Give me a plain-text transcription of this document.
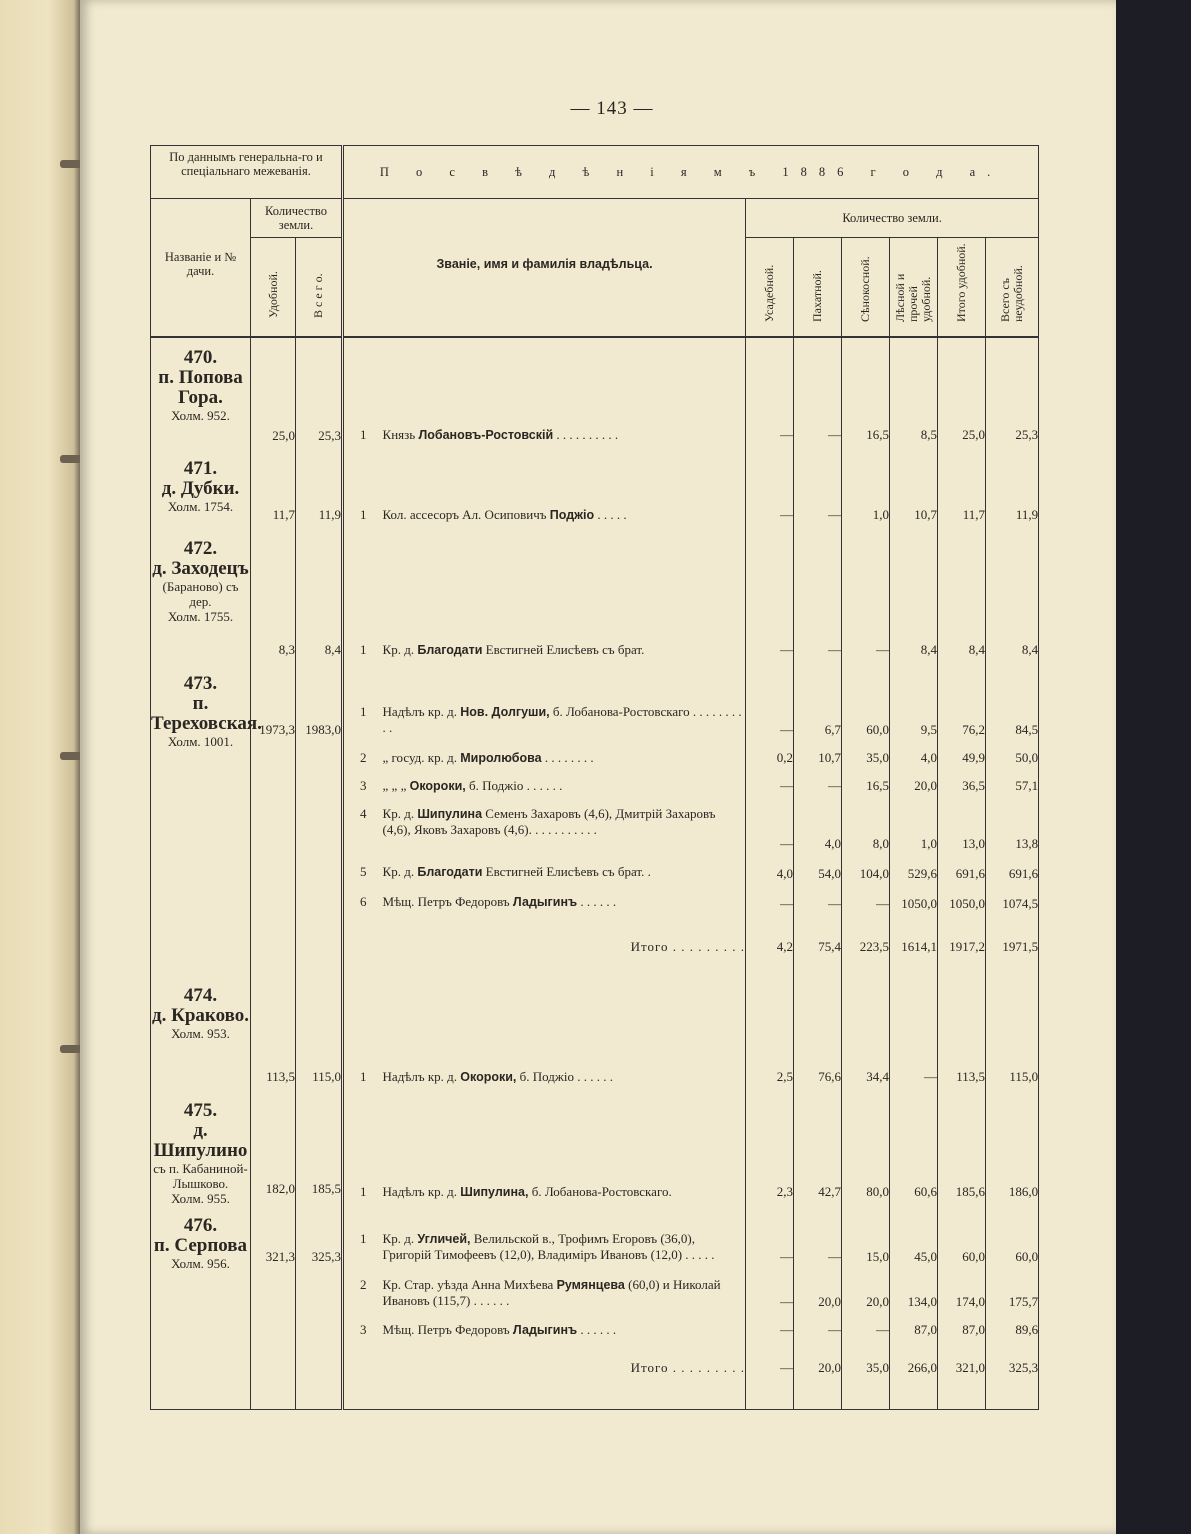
— 143 —
По даннымъ генеральна-го и спеціальнаго межеванія.			П о с в ѣ д ѣ н і я м ъ 1886 г о д а.							
Названіе и № дачи.	Количество земли.		Званіе, имя и фамилія владѣльца.		Количество земли.					

	Удобной.	В с е г о.			Усадебной.	Пахатной.	Сѣнокосной.	Лѣсной и прочей удобной.	Итого удобной.	Всего съ неудобной.

470.
п. Попова Гора.
Холм. 952.	25,0	25,3	1	Князь Лобановъ-Ростовскій . . . . . . . . . .	—	—	16,5	8,5	25,0	25,3

471.
д. Дубки.
Холм. 1754.	11,7	11,9	1	Кол. ассесоръ Ал. Осиповичъ Поджіо . . . . .	—	—	1,0	10,7	11,7	11,9

472.
д. Заходецъ
(Бараново) съ дер.
Холм. 1755.	8,3	8,4	1	Кр. д. Благодати Евстигней Елисѣевъ съ брат.	—	—	—	8,4	8,4	8,4

473.
п. Тереховская.
Холм. 1001.	1973,3	1983,0	1	Надѣлъ кр. д. Нов. Долгуши, б. Лобанова-Ростовскаго . . . . . . . . . .	—	6,7	60,0	9,5	76,2	84,5
			2	„ госуд. кр. д. Миролюбова . . . . . . . .	0,2	10,7	35,0	4,0	49,9	50,0
			3	„ „ „ Окороки, б. Поджіо . . . . . .	—	—	16,5	20,0	36,5	57,1
			4	Кр. д. Шипулина Семенъ Захаровъ (4,6), Дмитрій Захаровъ (4,6), Яковъ Захаровъ (4,6). . . . . . . . . . .	—	4,0	8,0	1,0	13,0	13,8
			5	Кр. д. Благодати Евстигней Елисѣевъ съ брат. .	4,0	54,0	104,0	529,6	691,6	691,6
			6	Мѣщ. Петръ Федоровъ Ладыгинъ . . . . . .	—	—	—	1050,0	1050,0	1074,5
				Итого . . . . . . . . .	4,2	75,4	223,5	1614,1	1917,2	1971,5

474.
д. Краково.
Холм. 953.	113,5	115,0	1	Надѣлъ кр. д. Окороки, б. Поджіо . . . . . .	2,5	76,6	34,4	—	113,5	115,0

475.
д. Шипулино
съ п. Кабаниной-Лышково.
Холм. 955.	182,0	185,5	1	Надѣлъ кр. д. Шипулина, б. Лобанова-Ростовскаго.	2,3	42,7	80,0	60,6	185,6	186,0

476.
п. Серпова
Холм. 956.	321,3	325,3	1	Кр. д. Угличей, Велильской в., Трофимъ Егоровъ (36,0), Григорій Тимофеевъ (12,0), Владиміръ Ивановъ (12,0) . . . . .	—	—	15,0	45,0	60,0	60,0
			2	Кр. Стар. уѣзда Анна Михѣева Румянцева (60,0) и Николай Ивановъ (115,7) . . . . . .	—	20,0	20,0	134,0	174,0	175,7
			3	Мѣщ. Петръ Федоровъ Ладыгинъ . . . . . .	—	—	—	87,0	87,0	89,6
				Итого . . . . . . . . .	—	20,0	35,0	266,0	321,0	325,3
